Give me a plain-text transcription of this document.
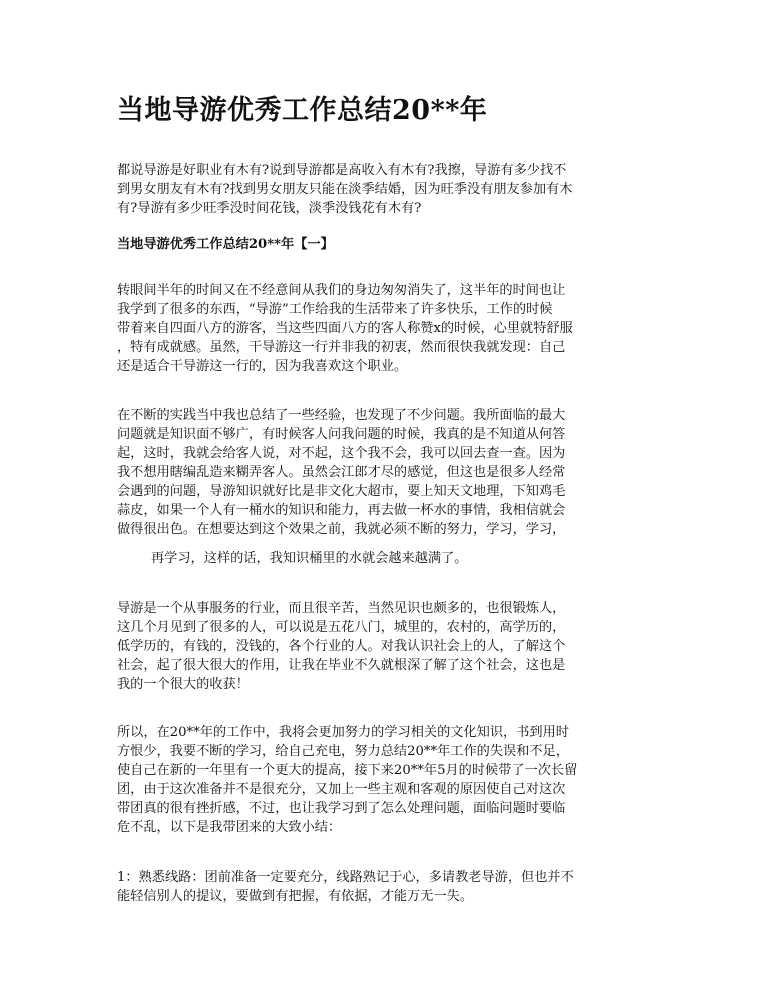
当地导游优秀工作总结20**年
都说导游是好职业有木有?说到导游都是高收入有木有?我擦，导游有多少找不
到男女朋友有木有?找到男女朋友只能在淡季结婚，因为旺季没有朋友参加有木
有?导游有多少旺季没时间花钱，淡季没钱花有木有?
当地导游优秀工作总结20**年【一】
转眼间半年的时间又在不经意间从我们的身边匆匆消失了，这半年的时间也让
我学到了很多的东西，“导游”工作给我的生活带来了许多快乐，工作的时候
带着来自四面八方的游客，当这些四面八方的客人称赞x的时候，心里就特舒服
，特有成就感。虽然，干导游这一行并非我的初衷，然而很快我就发现：自己
还是适合干导游这一行的，因为我喜欢这个职业。
在不断的实践当中我也总结了一些经验，也发现了不少问题。我所面临的最大
问题就是知识面不够广，有时候客人问我问题的时候，我真的是不知道从何答
起，这时，我就会给客人说，对不起，这个我不会，我可以回去查一查。因为
我不想用瞎编乱造来糊弄客人。虽然会江郎才尽的感觉，但这也是很多人经常
会遇到的问题，导游知识就好比是非文化大超市，要上知天文地理，下知鸡毛
蒜皮，如果一个人有一桶水的知识和能力，再去做一杯水的事情，我相信就会
做得很出色。在想要达到这个效果之前，我就必须不断的努力，学习，学习，
再学习，这样的话，我知识桶里的水就会越来越满了。
导游是一个从事服务的行业，而且很辛苦，当然见识也颇多的，也很锻炼人，
这几个月见到了很多的人，可以说是五花八门，城里的，农村的，高学历的，
低学历的，有钱的，没钱的，各个行业的人。对我认识社会上的人，了解这个
社会，起了很大很大的作用，让我在毕业不久就根深了解了这个社会，这也是
我的一个很大的收获！
所以，在20**年的工作中，我将会更加努力的学习相关的文化知识，书到用时
方恨少，我要不断的学习，给自己充电，努力总结20**年工作的失误和不足，
使自己在新的一年里有一个更大的提高，接下来20**年5月的时候带了一次长留
团，由于这次准备并不是很充分，又加上一些主观和客观的原因使自己对这次
带团真的很有挫折感，不过，也让我学习到了怎么处理问题，面临问题时要临
危不乱，以下是我带团来的大致小结：
1：熟悉线路：团前准备一定要充分，线路熟记于心，多请教老导游，但也并不
能轻信别人的提议，要做到有把握，有依据，才能万无一失。
